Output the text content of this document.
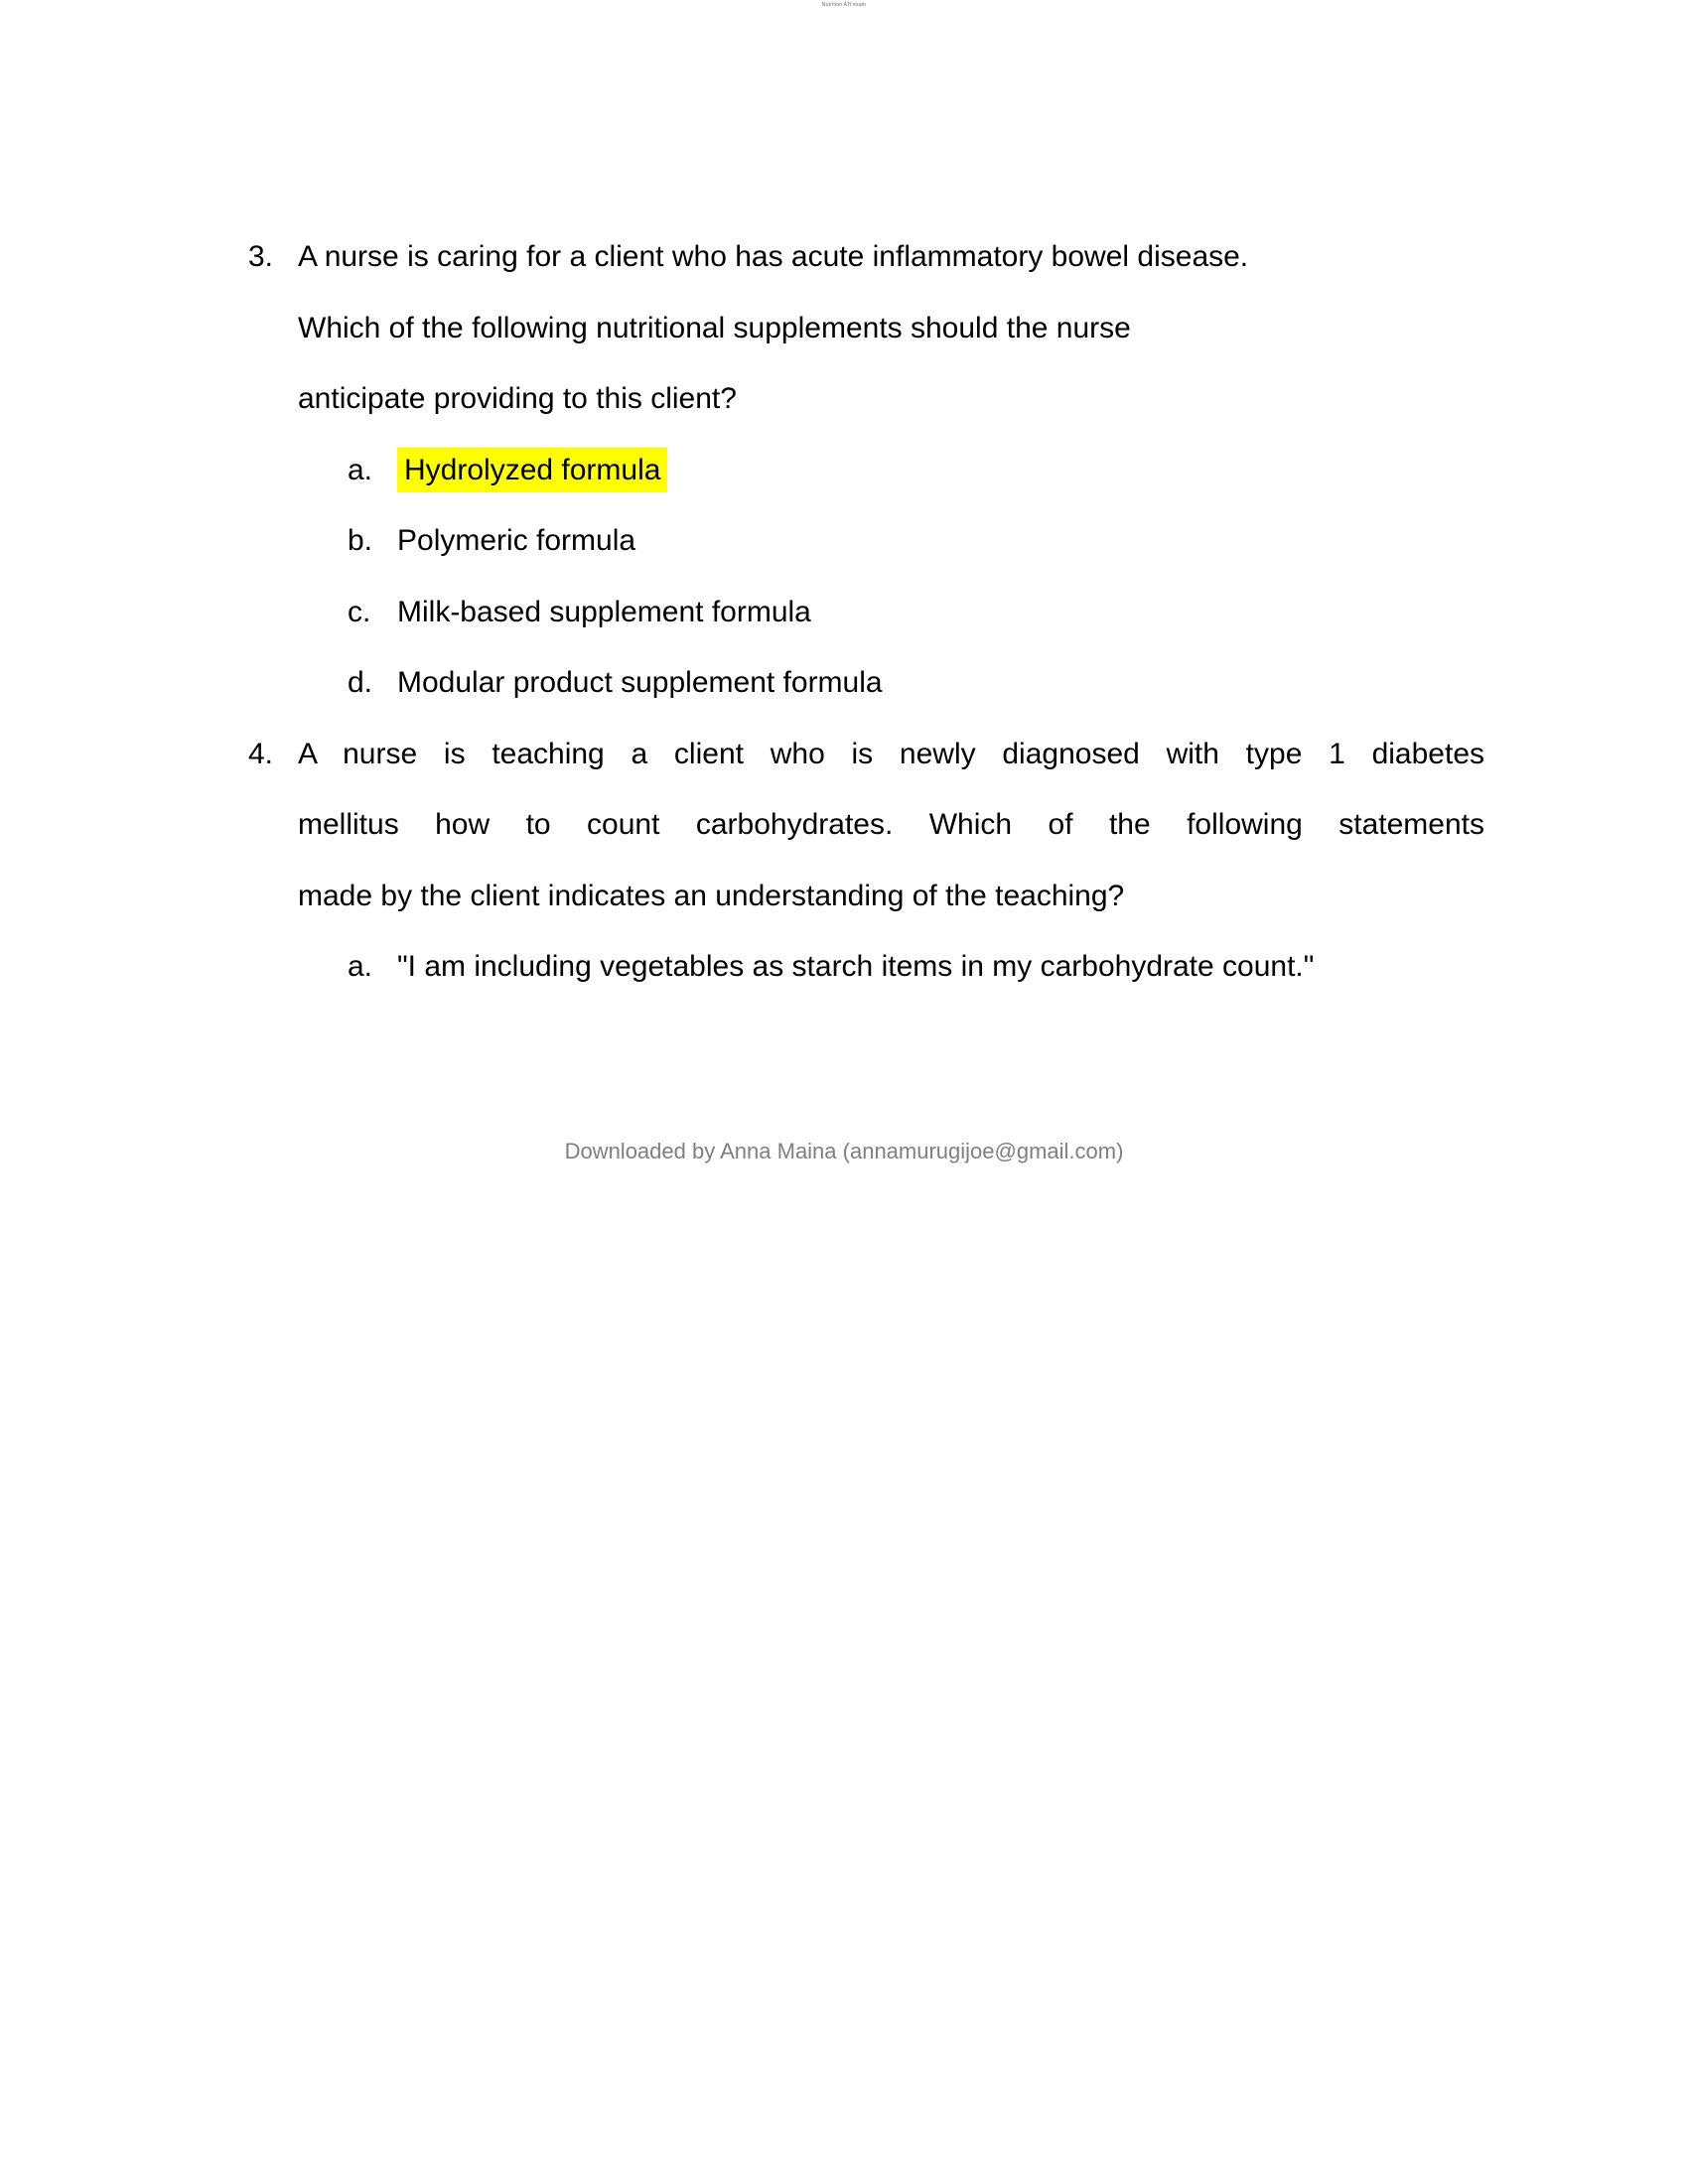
Nutrition ATI exam
3. A nurse is caring for a client who has acute inflammatory bowel disease.
Which of the following nutritional supplements should the nurse
anticipate providing to this client?
a. Hydrolyzed formula
b. Polymeric formula
c. Milk-based supplement formula
d. Modular product supplement formula
4. A nurse is teaching a client who is newly diagnosed with type 1 diabetes
mellitus how to count carbohydrates. Which of the following statements
made by the client indicates an understanding of the teaching?
a. "I am including vegetables as starch items in my carbohydrate count."
Downloaded by Anna Maina (annamurugijoe@gmail.com)
